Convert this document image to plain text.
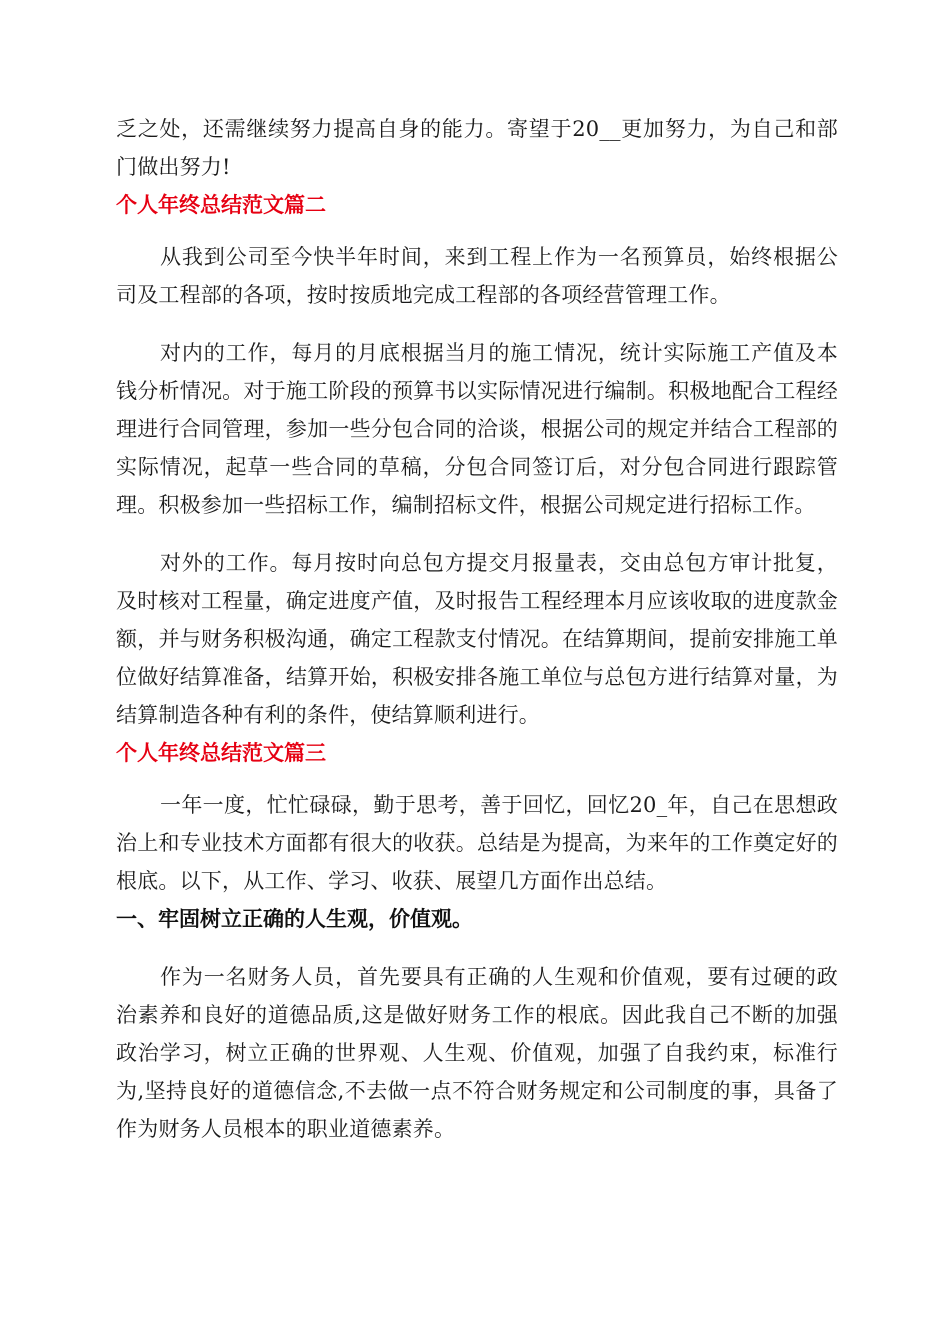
乏之处，还需继续努力提高自身的能力。寄望于20__更加努力，为自己和部门做出努力!

个人年终总结范文篇二

从我到公司至今快半年时间，来到工程上作为一名预算员，始终根据公司及工程部的各项，按时按质地完成工程部的各项经营管理工作。

对内的工作，每月的月底根据当月的施工情况，统计实际施工产值及本钱分析情况。对于施工阶段的预算书以实际情况进行编制。积极地配合工程经理进行合同管理，参加一些分包合同的洽谈，根据公司的规定并结合工程部的实际情况，起草一些合同的草稿，分包合同签订后，对分包合同进行跟踪管理。积极参加一些招标工作，编制招标文件，根据公司规定进行招标工作。

对外的工作。每月按时向总包方提交月报量表，交由总包方审计批复，及时核对工程量，确定进度产值，及时报告工程经理本月应该收取的进度款金额，并与财务积极沟通，确定工程款支付情况。在结算期间，提前安排施工单位做好结算准备，结算开始，积极安排各施工单位与总包方进行结算对量，为结算制造各种有利的条件，使结算顺利进行。

个人年终总结范文篇三

一年一度，忙忙碌碌，勤于思考，善于回忆，回忆20_年，自己在思想政治上和专业技术方面都有很大的收获。总结是为提高，为来年的工作奠定好的根底。以下，从工作、学习、收获、展望几方面作出总结。

一、牢固树立正确的人生观，价值观。

作为一名财务人员，首先要具有正确的人生观和价值观，要有过硬的政治素养和良好的道德品质,这是做好财务工作的根底。因此我自己不断的加强政治学习，树立正确的世界观、人生观、价值观，加强了自我约束，标准行为,坚持良好的道德信念,不去做一点不符合财务规定和公司制度的事，具备了作为财务人员根本的职业道德素养。
